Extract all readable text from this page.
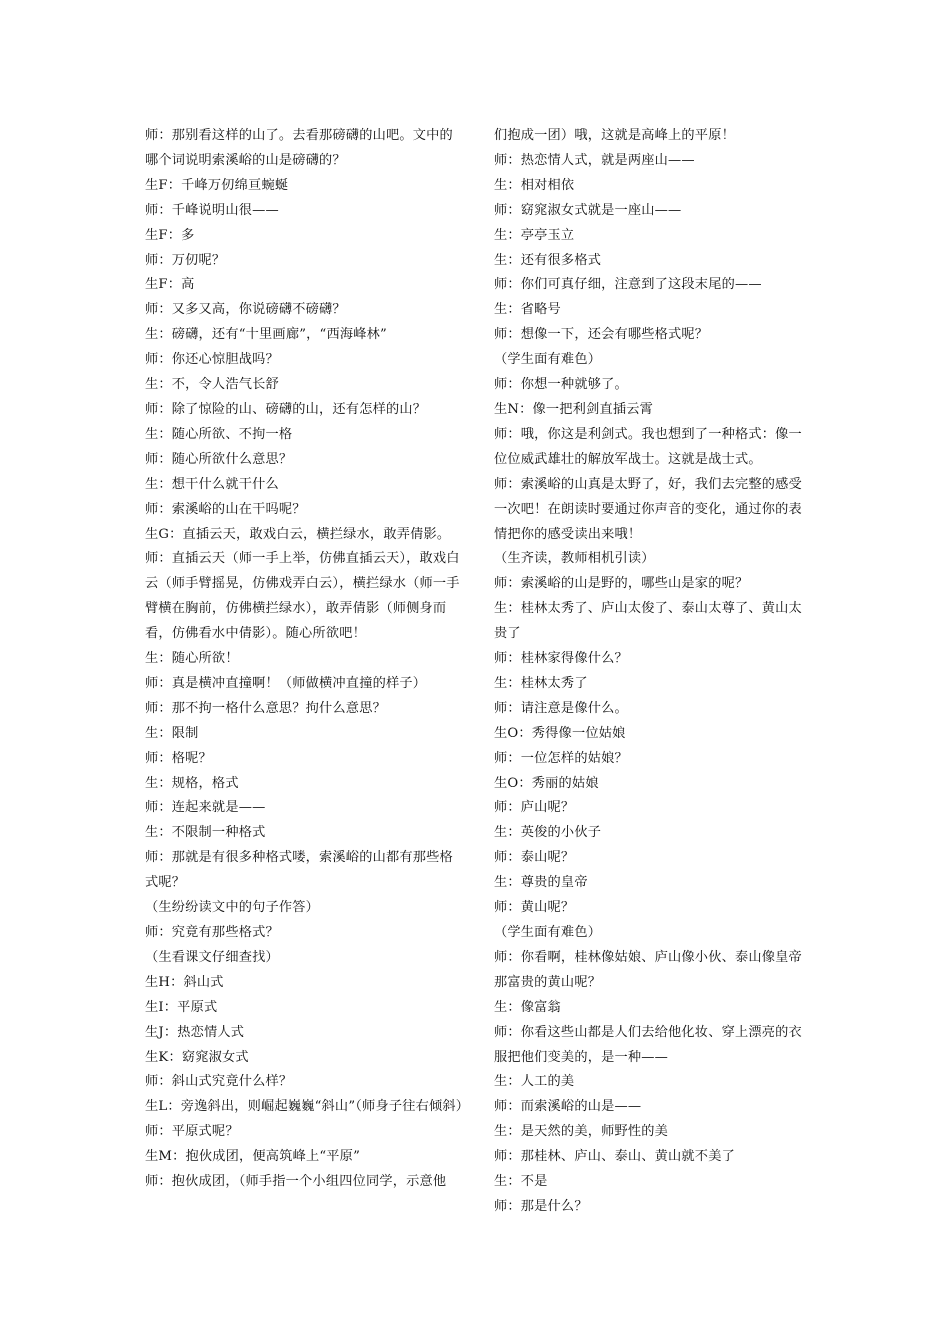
师：那别看这样的山了。去看那磅礴的山吧。文中的哪个词说明索溪峪的山是磅礴的？

生F：千峰万仞绵亘蜿蜒

师：千峰说明山很——

生F：多

师：万仞呢？

生F：高

师：又多又高，你说磅礴不磅礴？

生：磅礴，还有“十里画廊”，“西海峰林”

师：你还心惊胆战吗？

生：不，令人浩气长舒

师：除了惊险的山、磅礴的山，还有怎样的山？

生：随心所欲、不拘一格

师：随心所欲什么意思？

生：想干什么就干什么

师：索溪峪的山在干吗呢？

生G：直插云天，敢戏白云，横拦绿水，敢弄倩影。

师：直插云天（师一手上举，仿佛直插云天），敢戏白云（师手臂摇晃，仿佛戏弄白云），横拦绿水（师一手臂横在胸前，仿佛横拦绿水），敢弄倩影（师侧身而看，仿佛看水中倩影）。随心所欲吧！

生：随心所欲！

师：真是横冲直撞啊！（师做横冲直撞的样子）

师：那不拘一格什么意思？拘什么意思？

生：限制

师：格呢？

生：规格，格式

师：连起来就是——

生：不限制一种格式

师：那就是有很多种格式喽，索溪峪的山都有那些格式呢？

（生纷纷读文中的句子作答）

师：究竟有那些格式？

（生看课文仔细查找）

生H：斜山式

生I：平原式

生J：热恋情人式

生K：窈窕淑女式

师：斜山式究竟什么样？

生L：旁逸斜出，则崛起巍巍“斜山”（师身子往右倾斜）

师：平原式呢？

生M：抱伙成团，便高筑峰上“平原”

师：抱伙成团，（师手指一个小组四位同学，示意他

们抱成一团）哦，这就是高峰上的平原！

师：热恋情人式，就是两座山——

生：相对相依

师：窈窕淑女式就是一座山——

生：亭亭玉立

生：还有很多格式

师：你们可真仔细，注意到了这段末尾的——

生：省略号

师：想像一下，还会有哪些格式呢？

（学生面有难色）

师：你想一种就够了。

生N：像一把利剑直插云霄

师：哦，你这是利剑式。我也想到了一种格式：像一位位威武雄壮的解放军战士。这就是战士式。

师：索溪峪的山真是太野了，好，我们去完整的感受一次吧！在朗读时要通过你声音的变化，通过你的表情把你的感受读出来哦！

（生齐读，教师相机引读）

师：索溪峪的山是野的，哪些山是家的呢？

生：桂林太秀了、庐山太俊了、泰山太尊了、黄山太贵了

师：桂林家得像什么？

生：桂林太秀了

师：请注意是像什么。

生O：秀得像一位姑娘

师：一位怎样的姑娘？

生O：秀丽的姑娘

师：庐山呢？

生：英俊的小伙子

师：泰山呢？

生：尊贵的皇帝

师：黄山呢？

（学生面有难色）

师：你看啊，桂林像姑娘、庐山像小伙、泰山像皇帝那富贵的黄山呢？

生：像富翁

师：你看这些山都是人们去给他化妆、穿上漂亮的衣服把他们变美的，是一种——

生：人工的美

师：而索溪峪的山是——

生：是天然的美，师野性的美

师：那桂林、庐山、泰山、黄山就不美了

生：不是

师：那是什么？
